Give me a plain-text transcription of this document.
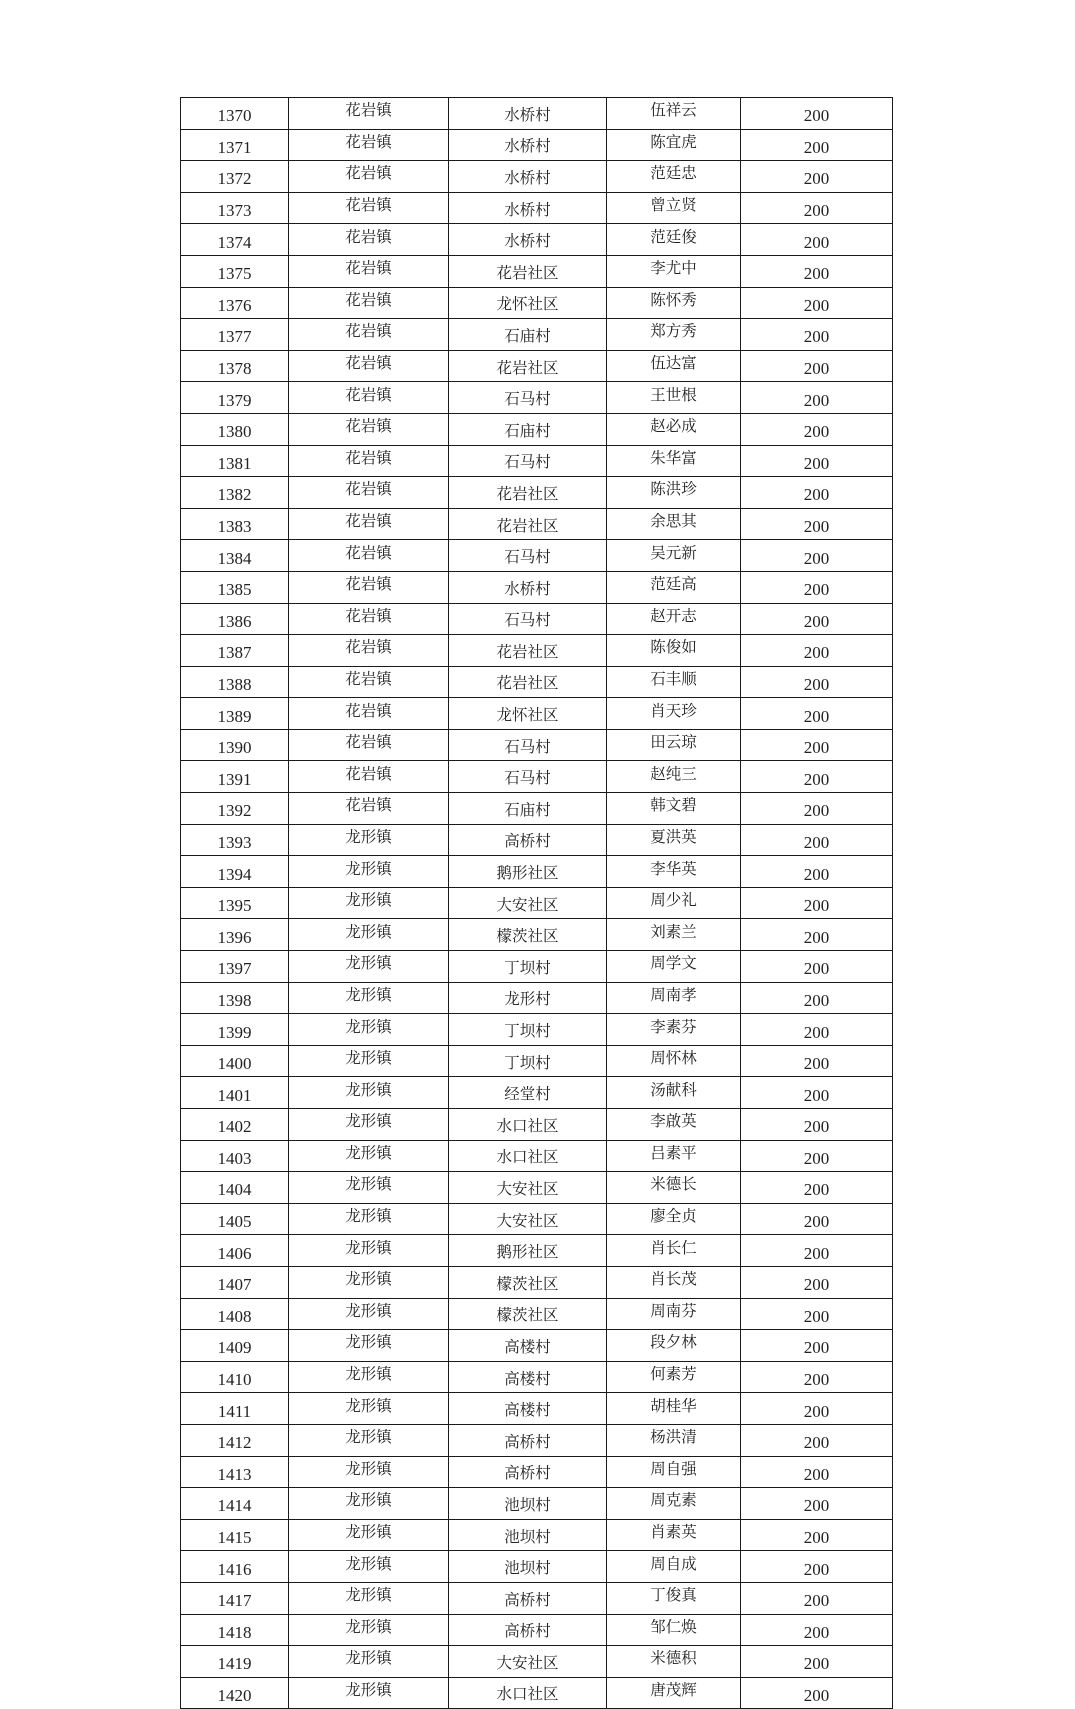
1370	花岩镇	水桥村	伍祥云	200
1371	花岩镇	水桥村	陈宜虎	200
1372	花岩镇	水桥村	范廷忠	200
1373	花岩镇	水桥村	曾立贤	200
1374	花岩镇	水桥村	范廷俊	200
1375	花岩镇	花岩社区	李尤中	200
1376	花岩镇	龙怀社区	陈怀秀	200
1377	花岩镇	石庙村	郑方秀	200
1378	花岩镇	花岩社区	伍达富	200
1379	花岩镇	石马村	王世根	200
1380	花岩镇	石庙村	赵必成	200
1381	花岩镇	石马村	朱华富	200
1382	花岩镇	花岩社区	陈洪珍	200
1383	花岩镇	花岩社区	余思其	200
1384	花岩镇	石马村	吴元新	200
1385	花岩镇	水桥村	范廷高	200
1386	花岩镇	石马村	赵开志	200
1387	花岩镇	花岩社区	陈俊如	200
1388	花岩镇	花岩社区	石丰顺	200
1389	花岩镇	龙怀社区	肖天珍	200
1390	花岩镇	石马村	田云琼	200
1391	花岩镇	石马村	赵纯三	200
1392	花岩镇	石庙村	韩文碧	200
1393	龙形镇	高桥村	夏洪英	200
1394	龙形镇	鹅形社区	李华英	200
1395	龙形镇	大安社区	周少礼	200
1396	龙形镇	檬茨社区	刘素兰	200
1397	龙形镇	丁坝村	周学文	200
1398	龙形镇	龙形村	周南孝	200
1399	龙形镇	丁坝村	李素芬	200
1400	龙形镇	丁坝村	周怀林	200
1401	龙形镇	经堂村	汤献科	200
1402	龙形镇	水口社区	李啟英	200
1403	龙形镇	水口社区	吕素平	200
1404	龙形镇	大安社区	米德长	200
1405	龙形镇	大安社区	廖全贞	200
1406	龙形镇	鹅形社区	肖长仁	200
1407	龙形镇	檬茨社区	肖长茂	200
1408	龙形镇	檬茨社区	周南芬	200
1409	龙形镇	高楼村	段夕林	200
1410	龙形镇	高楼村	何素芳	200
1411	龙形镇	高楼村	胡桂华	200
1412	龙形镇	高桥村	杨洪清	200
1413	龙形镇	高桥村	周自强	200
1414	龙形镇	池坝村	周克素	200
1415	龙形镇	池坝村	肖素英	200
1416	龙形镇	池坝村	周自成	200
1417	龙形镇	高桥村	丁俊真	200
1418	龙形镇	高桥村	邹仁焕	200
1419	龙形镇	大安社区	米德积	200
1420	龙形镇	水口社区	唐茂辉	200
